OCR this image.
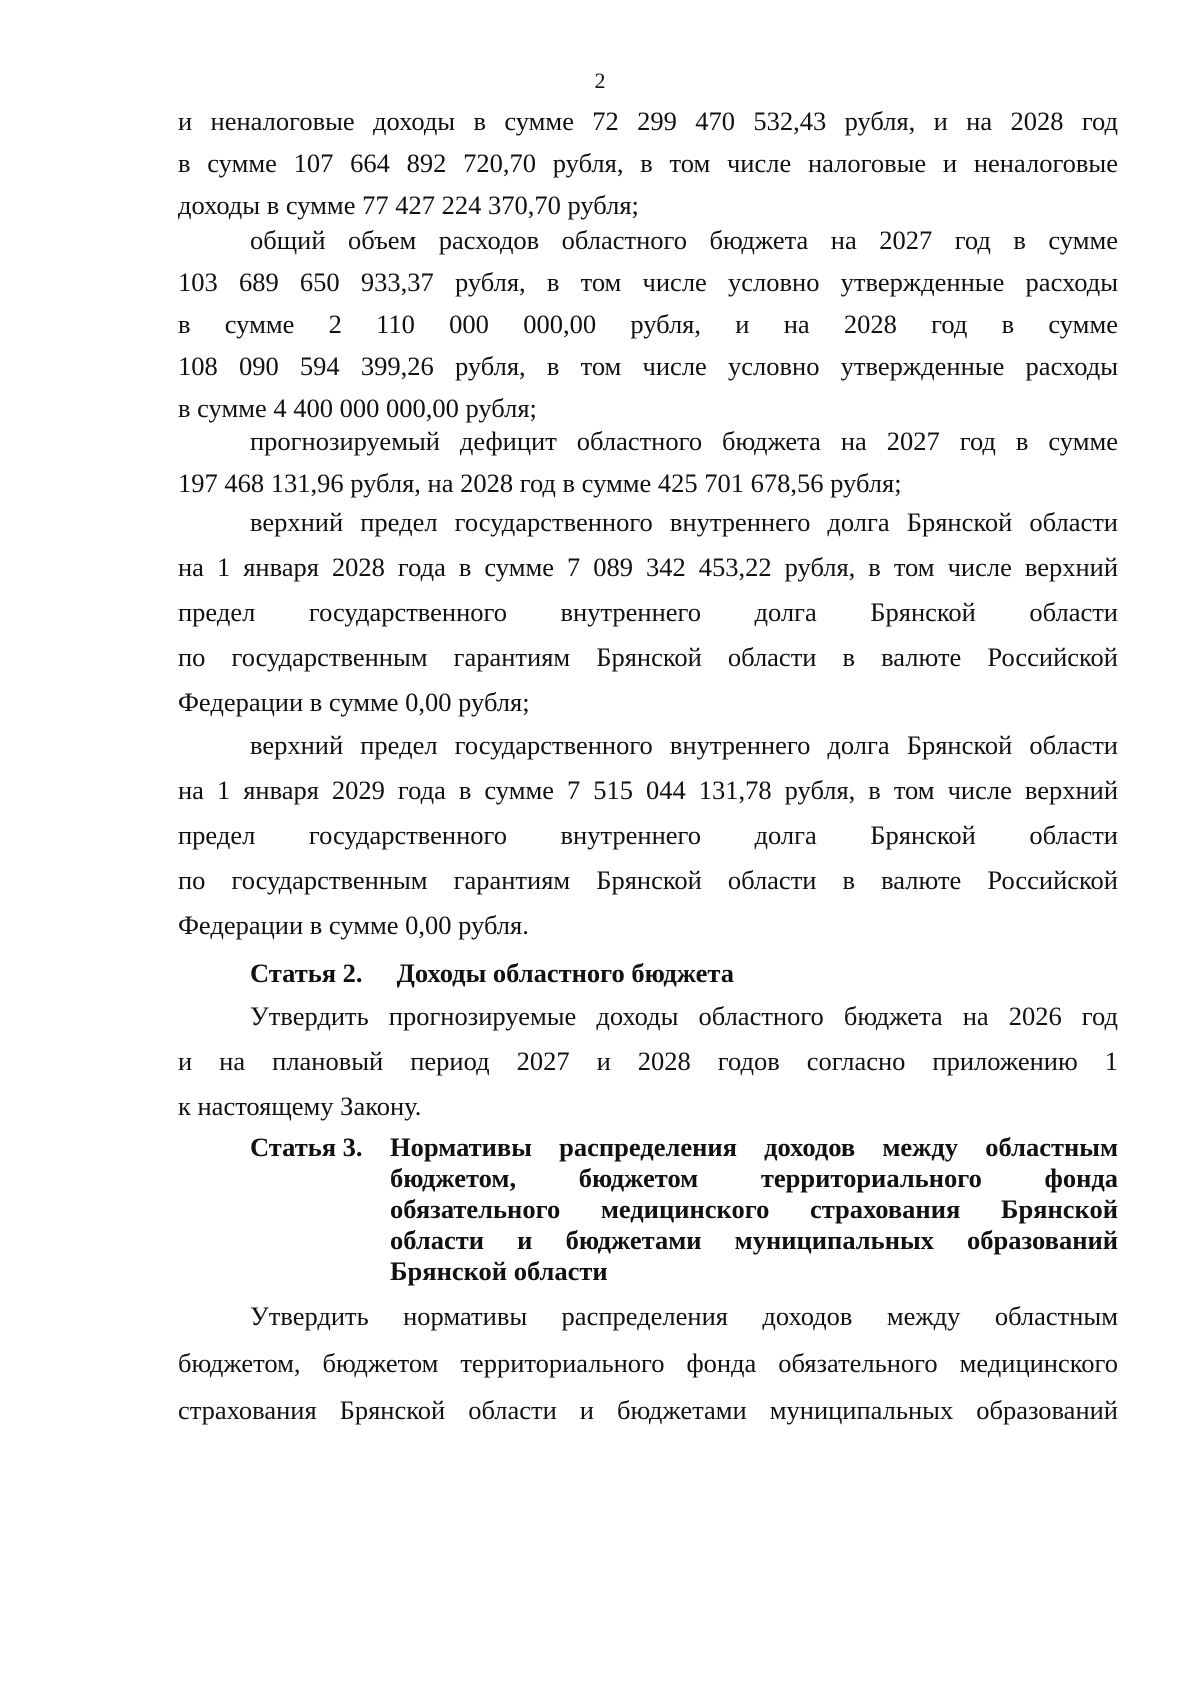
2
и неналоговые доходы в сумме 72 299 470 532,43 рубля, и на 2028 год
в сумме 107 664 892 720,70 рубля, в том числе налоговые и неналоговые
доходы в сумме 77 427 224 370,70 рубля;
общий объем расходов областного бюджета на 2027 год в сумме
103 689 650 933,37 рубля, в том числе условно утвержденные расходы
в сумме 2 110 000 000,00 рубля, и на 2028 год в сумме
108 090 594 399,26 рубля, в том числе условно утвержденные расходы
в сумме 4 400 000 000,00 рубля;
прогнозируемый дефицит областного бюджета на 2027 год в сумме
197 468 131,96 рубля, на 2028 год в сумме 425 701 678,56 рубля;
верхний предел государственного внутреннего долга Брянской области
на 1 января 2028 года в сумме 7 089 342 453,22 рубля, в том числе верхний
предел государственного внутреннего долга Брянской области
по государственным гарантиям Брянской области в валюте Российской
Федерации в сумме 0,00 рубля;
верхний предел государственного внутреннего долга Брянской области
на 1 января 2029 года в сумме 7 515 044 131,78 рубля, в том числе верхний
предел государственного внутреннего долга Брянской области
по государственным гарантиям Брянской области в валюте Российской
Федерации в сумме 0,00 рубля.
Статья 2. Доходы областного бюджета
Утвердить прогнозируемые доходы областного бюджета на 2026 год
и на плановый период 2027 и 2028 годов согласно приложению 1
к настоящему Закону.
Статья 3.	Нормативы распределения доходов между областным
бюджетом, бюджетом территориального фонда
обязательного медицинского страхования Брянской
области и бюджетами муниципальных образований
Брянской области
Утвердить нормативы распределения доходов между областным
бюджетом, бюджетом территориального фонда обязательного медицинского
страхования Брянской области и бюджетами муниципальных образований
